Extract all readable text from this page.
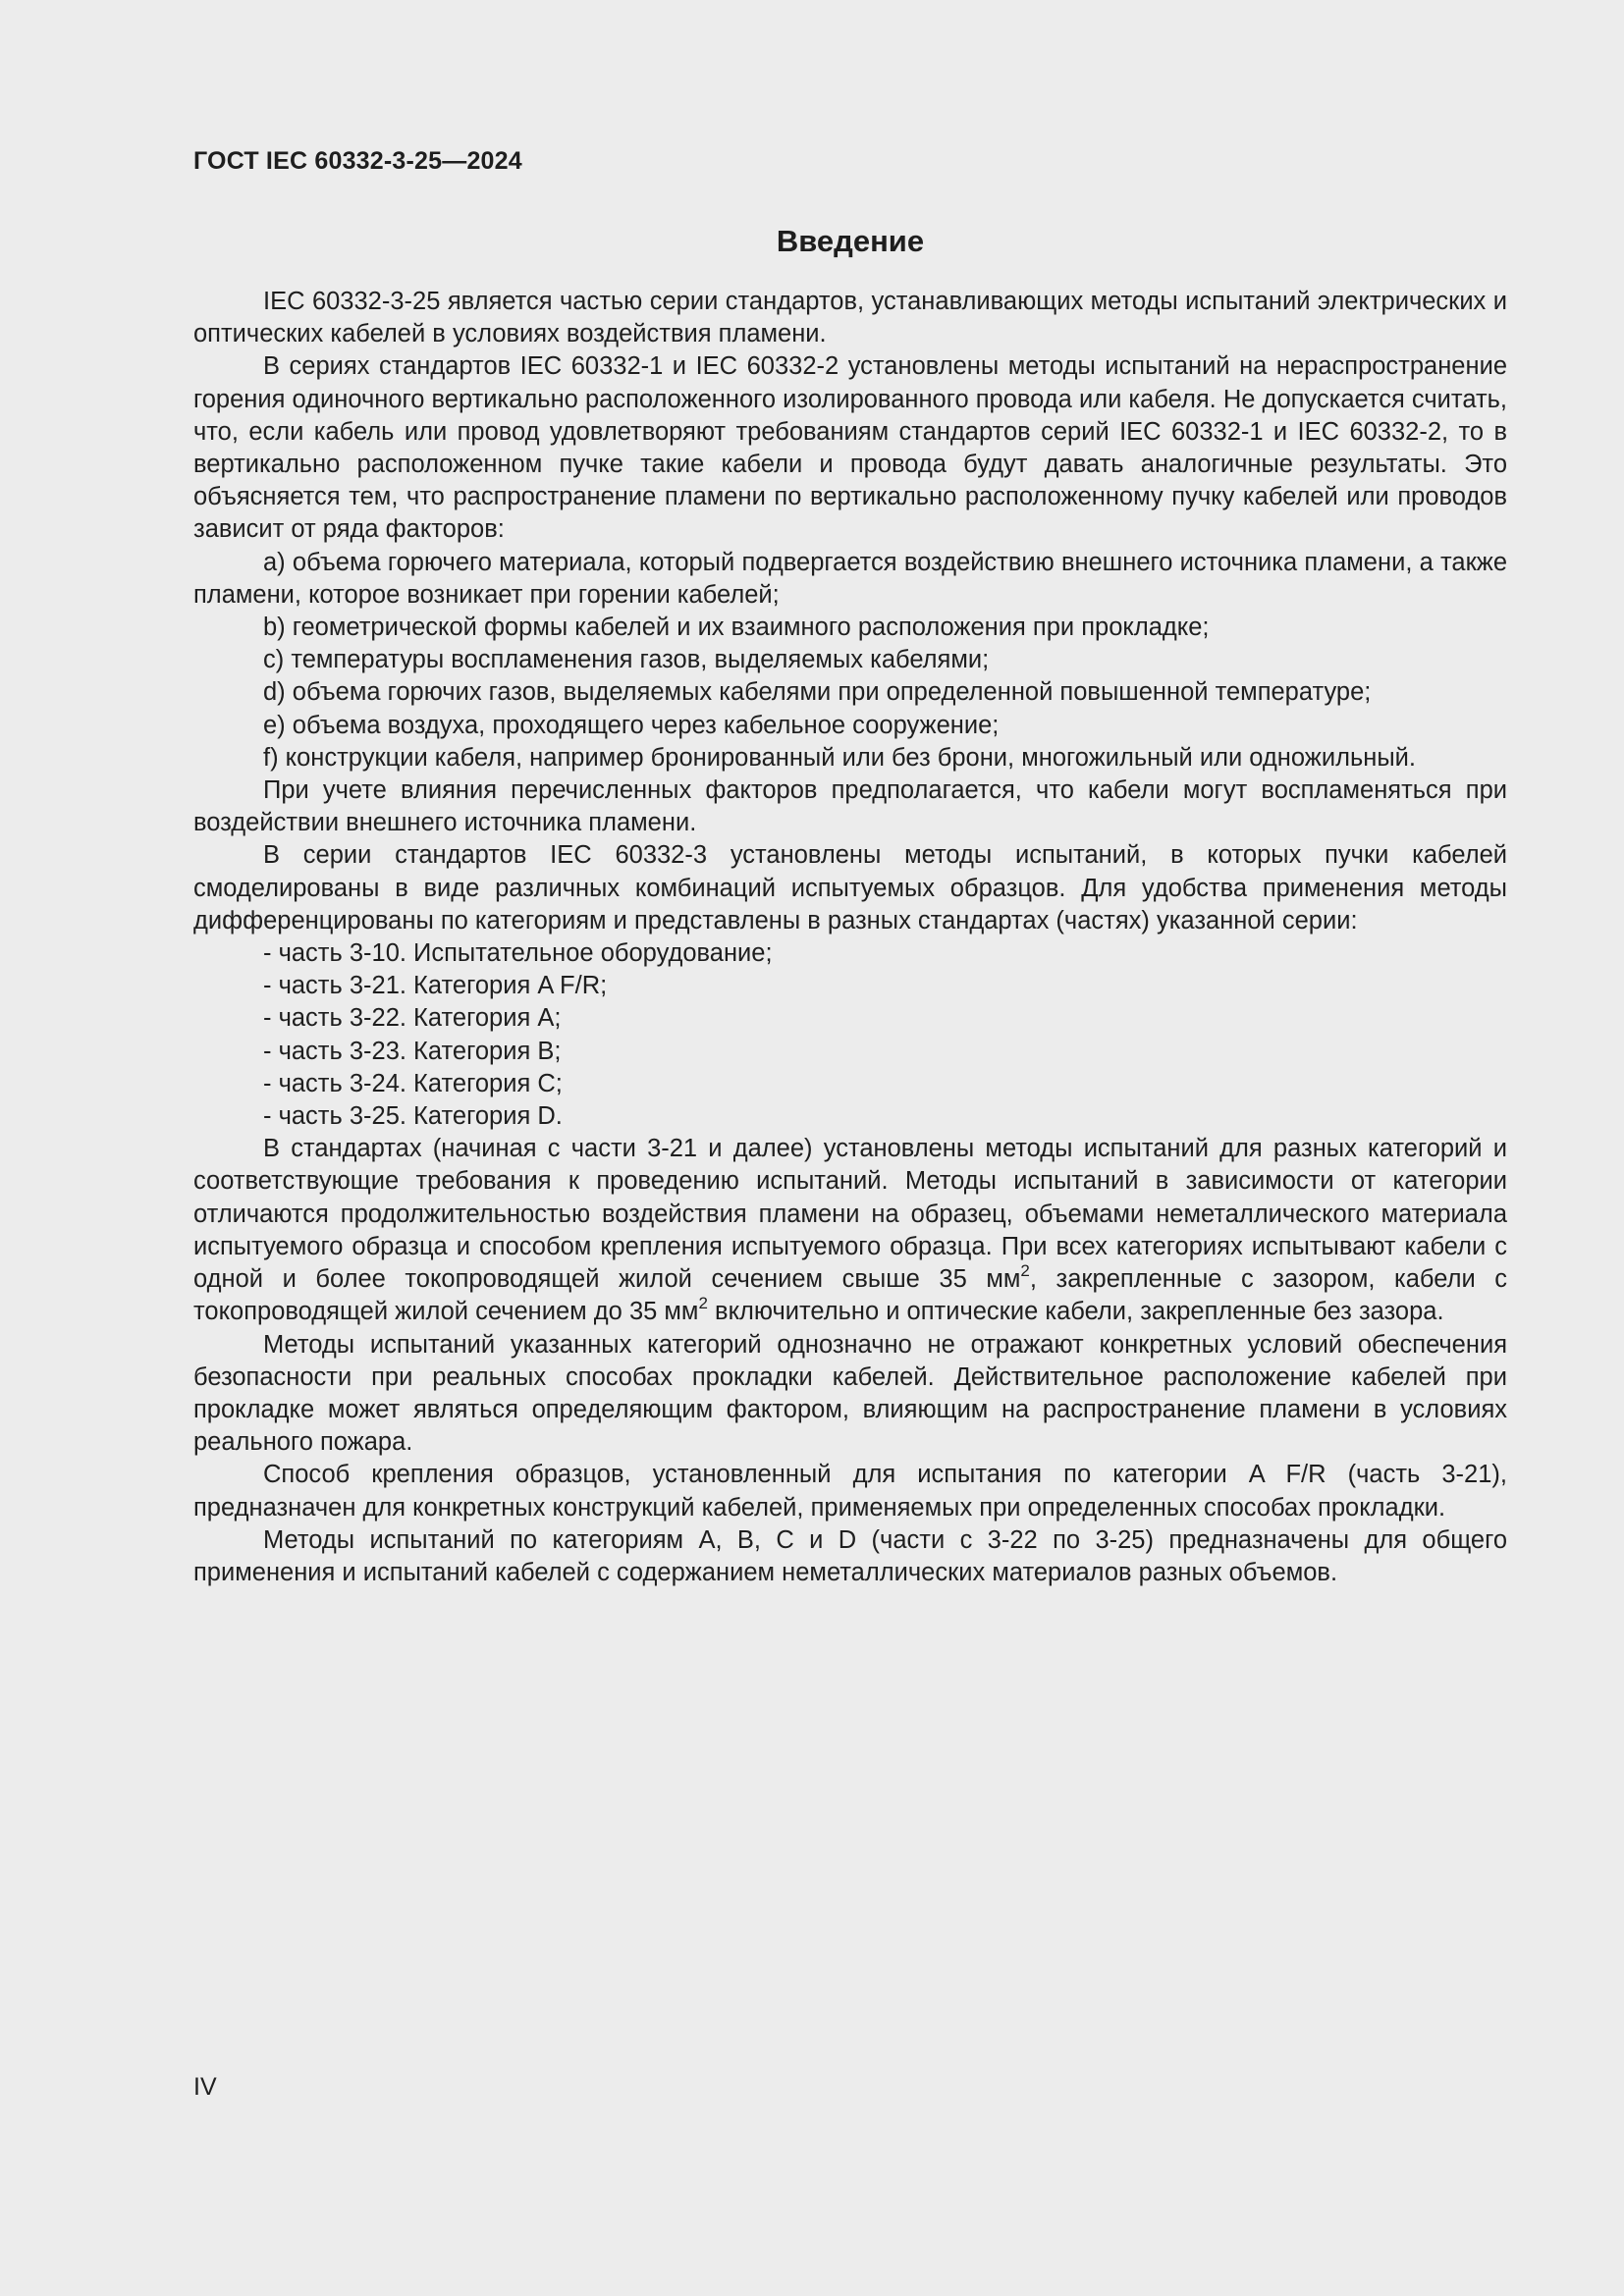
ГОСТ IEC 60332-3-25—2024
Введение

IEC 60332-3-25 является частью серии стандартов, устанавливающих методы испытаний электрических и оптических кабелей в условиях воздействия пламени.

В сериях стандартов IEC 60332-1 и IEC 60332-2 установлены методы испытаний на нераспространение горения одиночного вертикально расположенного изолированного провода или кабеля. Не допускается считать, что, если кабель или провод удовлетворяют требованиям стандартов серий IEC 60332-1 и IEC 60332-2, то в вертикально расположенном пучке такие кабели и провода будут давать аналогичные результаты. Это объясняется тем, что распространение пламени по вертикально расположенному пучку кабелей или проводов зависит от ряда факторов:

a) объема горючего материала, который подвергается воздействию внешнего источника пламени, а также пламени, которое возникает при горении кабелей;

b) геометрической формы кабелей и их взаимного расположения при прокладке;

c) температуры воспламенения газов, выделяемых кабелями;

d) объема горючих газов, выделяемых кабелями при определенной повышенной температуре;

e) объема воздуха, проходящего через кабельное сооружение;

f) конструкции кабеля, например бронированный или без брони, многожильный или одножильный.

При учете влияния перечисленных факторов предполагается, что кабели могут воспламеняться при воздействии внешнего источника пламени.

В серии стандартов IEC 60332-3 установлены методы испытаний, в которых пучки кабелей смоделированы в виде различных комбинаций испытуемых образцов. Для удобства применения методы дифференцированы по категориям и представлены в разных стандартах (частях) указанной серии:

- часть 3-10. Испытательное оборудование;

- часть 3-21. Категория A F/R;

- часть 3-22. Категория A;

- часть 3-23. Категория B;

- часть 3-24. Категория C;

- часть 3-25. Категория D.

В стандартах (начиная с части 3-21 и далее) установлены методы испытаний для разных категорий и соответствующие требования к проведению испытаний. Методы испытаний в зависимости от категории отличаются продолжительностью воздействия пламени на образец, объемами неметаллического материала испытуемого образца и способом крепления испытуемого образца. При всех категориях испытывают кабели с одной и более токопроводящей жилой сечением свыше 35 $мм^2$, закрепленные с зазором, кабели с токопроводящей жилой сечением до 35 $мм^2$ включительно и оптические кабели, закрепленные без зазора.

Методы испытаний указанных категорий однозначно не отражают конкретных условий обеспечения безопасности при реальных способах прокладки кабелей. Действительное расположение кабелей при прокладке может являться определяющим фактором, влияющим на распространение пламени в условиях реального пожара.

Способ крепления образцов, установленный для испытания по категории A F/R (часть 3-21), предназначен для конкретных конструкций кабелей, применяемых при определенных способах прокладки.

Методы испытаний по категориям A, B, C и D (части с 3-22 по 3-25) предназначены для общего применения и испытаний кабелей с содержанием неметаллических материалов разных объемов.

IV
